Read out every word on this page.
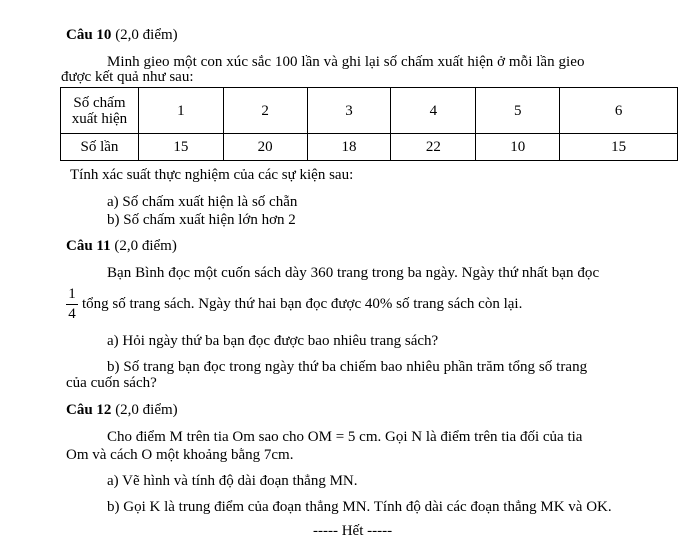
Câu 10 (2,0 điểm)
Minh gieo một con xúc sắc 100 lần và ghi lại số chấm xuất hiện ở mỗi lần gieo
được kết quả như sau:
Số chấm
xuất hiện	1	2	3	4	5	6
Số lần	15	20	18	22	10	15
Tính xác suất thực nghiệm của các sự kiện sau:
a) Số chấm xuất hiện là số chẵn
b) Số chấm xuất hiện lớn hơn 2
Câu 11 (2,0 điểm)
Bạn Bình đọc một cuốn sách dày 360 trang trong ba ngày. Ngày thứ nhất bạn đọc
1
4
tổng số trang sách. Ngày thứ hai bạn đọc được 40% số trang sách còn lại.
a) Hỏi ngày thứ ba bạn đọc được bao nhiêu trang sách?
b) Số trang bạn đọc trong ngày thứ ba chiếm bao nhiêu phần trăm tổng số trang
của cuốn sách?
Câu 12 (2,0 điểm)
Cho điểm M trên tia Om sao cho OM = 5 cm. Gọi N là điểm trên tia đối của tia
Om và cách O một khoảng bằng 7cm.
a) Vẽ hình và tính độ dài đoạn thẳng MN.
b) Gọi K là trung điểm của đoạn thẳng MN. Tính độ dài các đoạn thẳng MK và OK.
----- Hết -----
